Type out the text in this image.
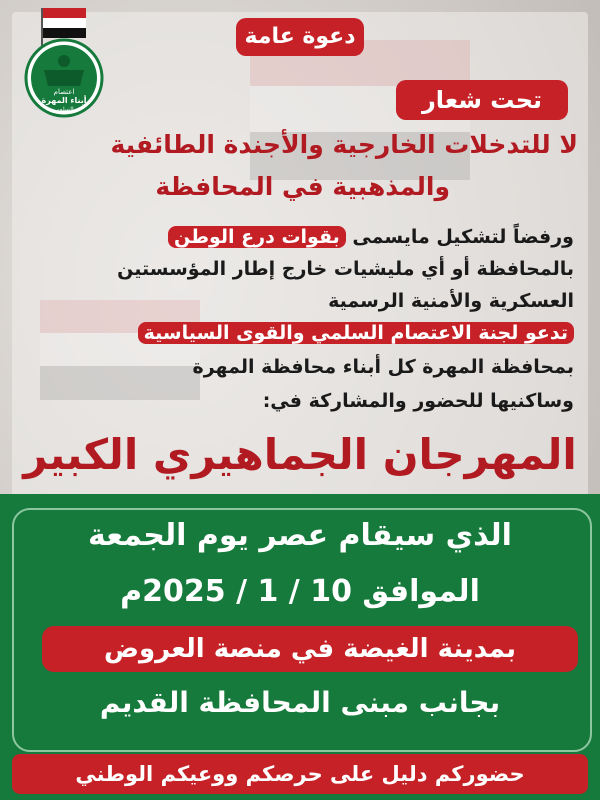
اعتصام
أبناء المهرة
السلمي
دعوة عامة
تحت شعار
لا للتدخلات الخارجية والأجندة الطائفية
والمذهبية في المحافظة
ورفضاً لتشكيل مايسمى بقوات درع الوطن
بالمحافظة أو أي مليشيات خارج إطار المؤسستين
العسكرية والأمنية الرسمية
تدعو لجنة الاعتصام السلمي والقوى السياسية
بمحافظة المهرة كل أبناء محافظة المهرة
وساكنيها للحضور والمشاركة في:
المهرجان الجماهيري الكبير
الذي سيقام عصر يوم الجمعة
الموافق 10 / 1 / 2025م
بمدينة الغيضة في منصة العروض
بجانب مبنى المحافظة القديم
حضوركم دليل على حرصكم ووعيكم الوطني
